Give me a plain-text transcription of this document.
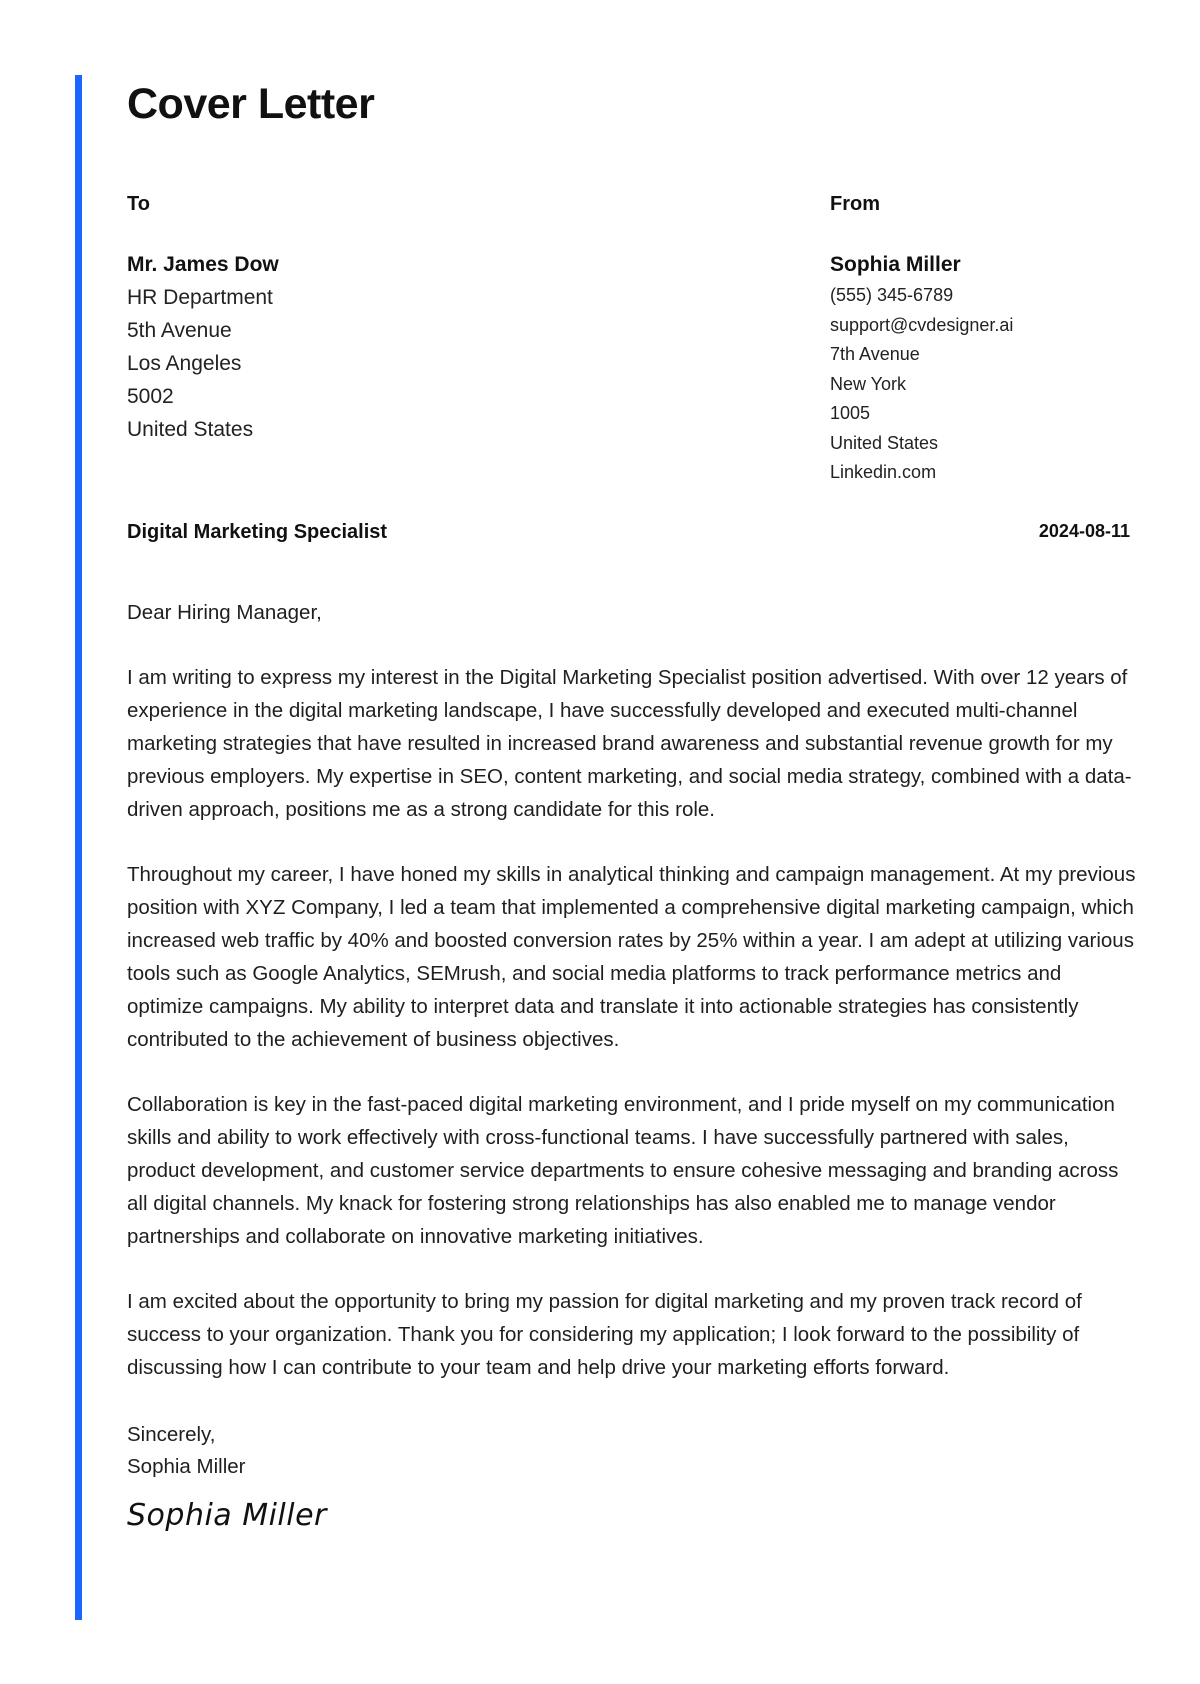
Cover Letter
To
Mr. James Dow
HR Department
5th Avenue
Los Angeles
5002
United States
From
Sophia Miller
(555) 345-6789
support@cvdesigner.ai
7th Avenue
New York
1005
United States
Linkedin.com
Digital Marketing Specialist	2024-08-11

Dear Hiring Manager,

I am writing to express my interest in the Digital Marketing Specialist position advertised. With over 12 years of experience in the digital marketing landscape, I have successfully developed and executed multi-channel marketing strategies that have resulted in increased brand awareness and substantial revenue growth for my previous employers. My expertise in SEO, content marketing, and social media strategy, combined with a data-driven approach, positions me as a strong candidate for this role.

Throughout my career, I have honed my skills in analytical thinking and campaign management. At my previous position with XYZ Company, I led a team that implemented a comprehensive digital marketing campaign, which increased web traffic by 40% and boosted conversion rates by 25% within a year. I am adept at utilizing various tools such as Google Analytics, SEMrush, and social media platforms to track performance metrics and optimize campaigns. My ability to interpret data and translate it into actionable strategies has consistently contributed to the achievement of business objectives.

Collaboration is key in the fast-paced digital marketing environment, and I pride myself on my communication skills and ability to work effectively with cross-functional teams. I have successfully partnered with sales, product development, and customer service departments to ensure cohesive messaging and branding across all digital channels. My knack for fostering strong relationships has also enabled me to manage vendor partnerships and collaborate on innovative marketing initiatives.

I am excited about the opportunity to bring my passion for digital marketing and my proven track record of success to your organization. Thank you for considering my application; I look forward to the possibility of discussing how I can contribute to your team and help drive your marketing efforts forward.

Sincerely,
Sophia Miller
Sophia Miller
